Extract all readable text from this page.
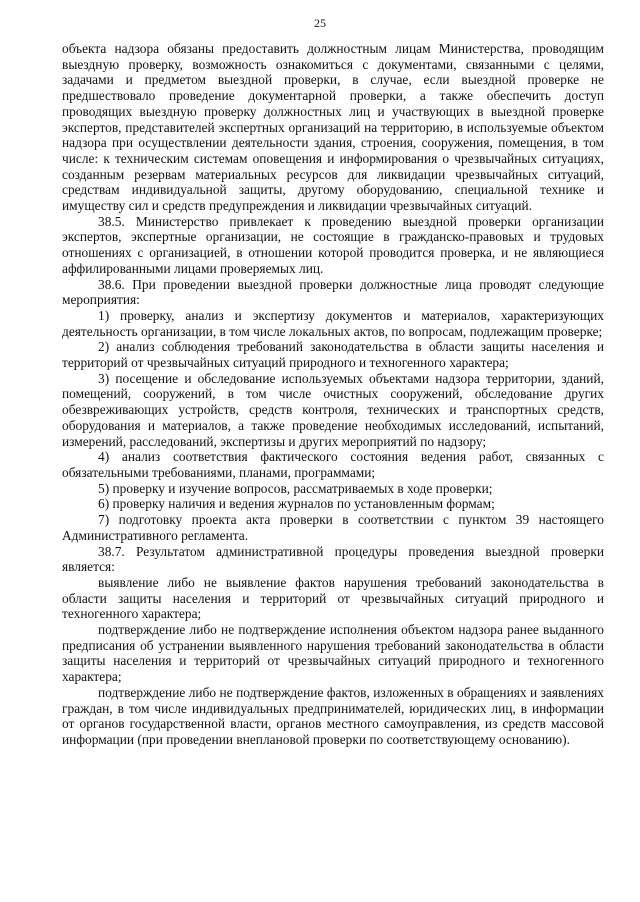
25

объекта надзора обязаны предоставить должностным лицам Министерства, проводящим выездную проверку, возможность ознакомиться с документами, связанными с целями, задачами и предметом выездной проверки, в случае, если выездной проверке не предшествовало проведение документарной проверки, а также обеспечить доступ проводящих выездную проверку должностных лиц и участвующих в выездной проверке экспертов, представителей экспертных организаций на территорию, в используемые объектом надзора при осуществлении деятельности здания, строения, сооружения, помещения, в том числе: к техническим системам оповещения и информирования о чрезвычайных ситуациях, созданным резервам материальных ресурсов для ликвидации чрезвычайных ситуаций, средствам индивидуальной защиты, другому оборудованию, специальной технике и имуществу сил и средств предупреждения и ликвидации чрезвычайных ситуаций.

38.5. Министерство привлекает к проведению выездной проверки организации экспертов, экспертные организации, не состоящие в гражданско-правовых и трудовых отношениях с организацией, в отношении которой проводится проверка, и не являющиеся аффилированными лицами проверяемых лиц.

38.6. При проведении выездной проверки должностные лица проводят следующие мероприятия:

1) проверку, анализ и экспертизу документов и материалов, характеризующих деятельность организации, в том числе локальных актов, по вопросам, подлежащим проверке;

2) анализ соблюдения требований законодательства в области защиты населения и территорий от чрезвычайных ситуаций природного и техногенного характера;

3) посещение и обследование используемых объектами надзора территории, зданий, помещений, сооружений, в том числе очистных сооружений, обследование других обезвреживающих устройств, средств контроля, технических и транспортных средств, оборудования и материалов, а также проведение необходимых исследований, испытаний, измерений, расследований, экспертизы и других мероприятий по надзору;

4) анализ соответствия фактического состояния ведения работ, связанных с обязательными требованиями, планами, программами;

5) проверку и изучение вопросов, рассматриваемых в ходе проверки;

6) проверку наличия и ведения журналов по установленным формам;

7) подготовку проекта акта проверки в соответствии с пунктом 39 настоящего Административного регламента.

38.7. Результатом административной процедуры проведения выездной проверки является:

выявление либо не выявление фактов нарушения требований законодательства в области защиты населения и территорий от чрезвычайных ситуаций природного и техногенного характера;

подтверждение либо не подтверждение исполнения объектом надзора ранее выданного предписания об устранении выявленного нарушения требований законодательства в области защиты населения и территорий от чрезвычайных ситуаций природного и техногенного характера;

подтверждение либо не подтверждение фактов, изложенных в обращениях и заявлениях граждан, в том числе индивидуальных предпринимателей, юридических лиц, в информации от органов государственной власти, органов местного самоуправления, из средств массовой информации (при проведении внеплановой проверки по соответствующему основанию).
